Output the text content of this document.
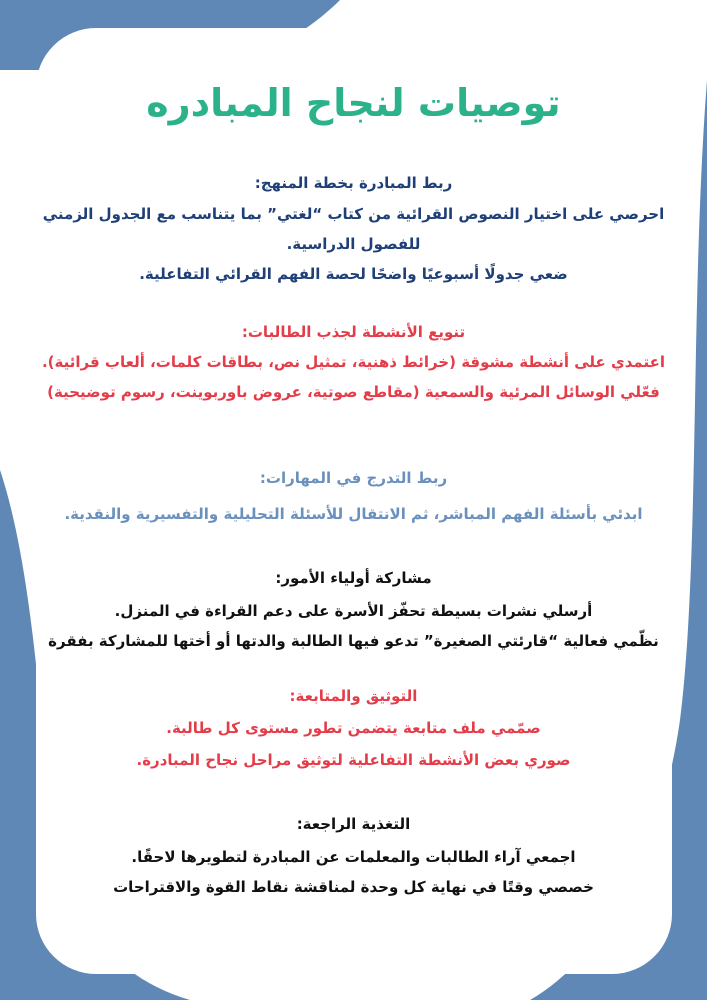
توصيات لنجاح المبادره

ربط المبادرة بخطة المنهج:

احرصي على اختيار النصوص القرائية من كتاب “لغتي” بما يتناسب مع الجدول الزمني

للفصول الدراسية.

ضعي جدولًا أسبوعيًا واضحًا لحصة الفهم القرائي التفاعلية.

تنويع الأنشطة لجذب الطالبات:

اعتمدي على أنشطة مشوقة (خرائط ذهنية، تمثيل نص، بطاقات كلمات، ألعاب قرائية).

فعّلي الوسائل المرئية والسمعية (مقاطع صوتية، عروض باوربوينت، رسوم توضيحية)

ربط التدرج في المهارات:

ابدئي بأسئلة الفهم المباشر، ثم الانتقال للأسئلة التحليلية والتفسيرية والنقدية.

مشاركة أولياء الأمور:

أرسلي نشرات بسيطة تحفّز الأسرة على دعم القراءة في المنزل.

نظّمي فعالية “قارئتي الصغيرة” تدعو فيها الطالبة والدتها أو أختها للمشاركة بفقرة

التوثيق والمتابعة:

صمّمي ملف متابعة يتضمن تطور مستوى كل طالبة.

صوري بعض الأنشطة التفاعلية لتوثيق مراحل نجاح المبادرة.

التغذية الراجعة:

اجمعي آراء الطالبات والمعلمات عن المبادرة لتطويرها لاحقًا.

خصصي وقتًا في نهاية كل وحدة لمناقشة نقاط القوة والاقتراحات
